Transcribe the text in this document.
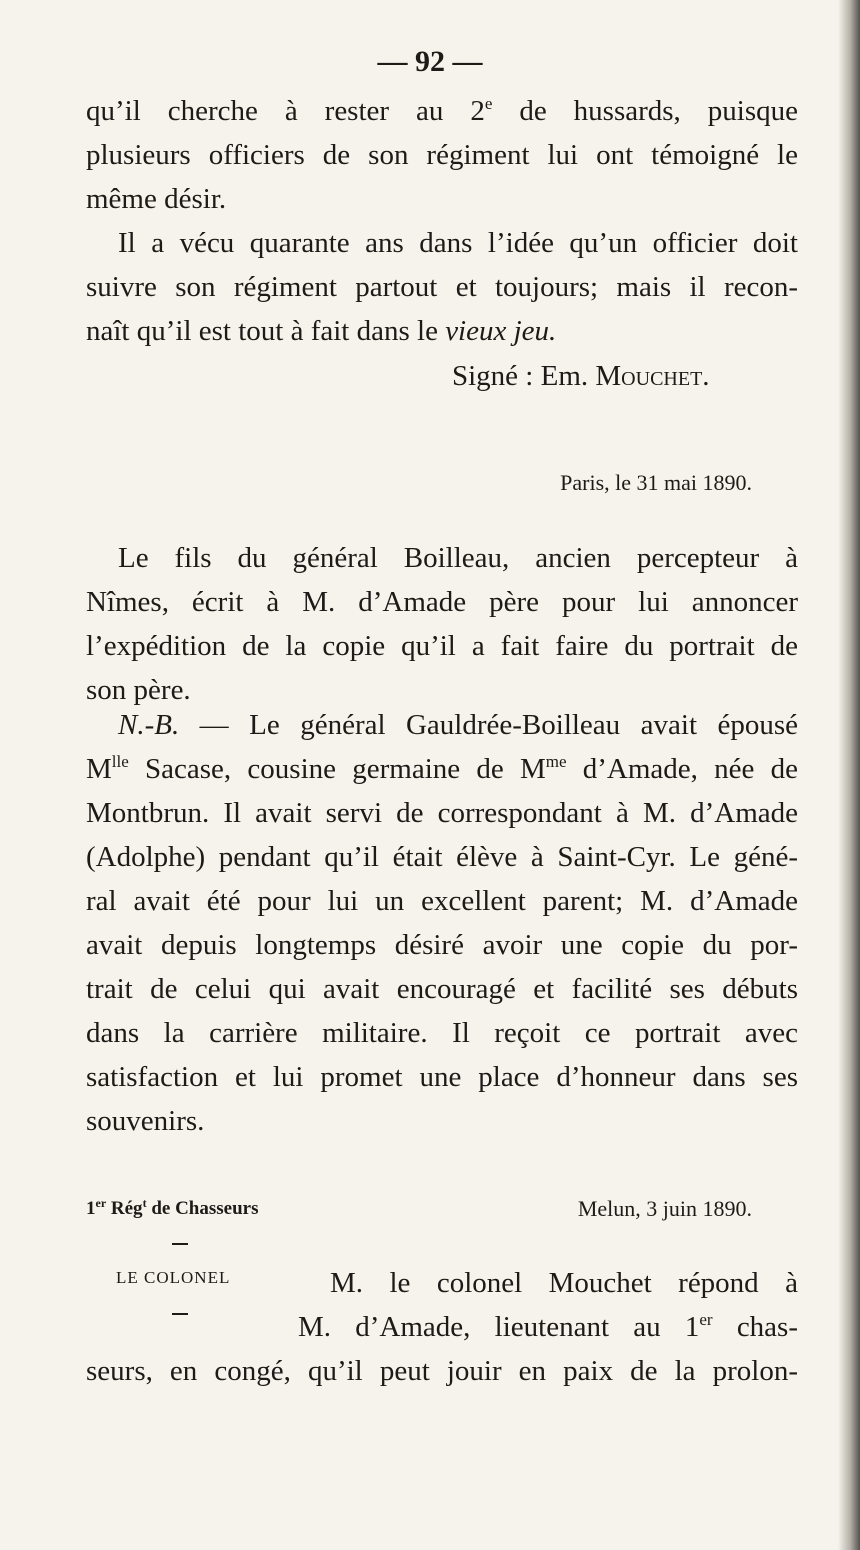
— 92 —
qu’il cherche à rester au 2e de hussards, puisque
plusieurs officiers de son régiment lui ont témoigné le
même désir.
Il a vécu quarante ans dans l’idée qu’un officier doit
suivre son régiment partout et toujours; mais il recon-
naît qu’il est tout à fait dans le vieux jeu.
Signé : Em. Mouchet.
Paris, le 31 mai 1890.
Le fils du général Boilleau, ancien percepteur à
Nîmes, écrit à M. d’Amade père pour lui annoncer
l’expédition de la copie qu’il a fait faire du portrait de
son père.
N.-B. — Le général Gauldrée-Boilleau avait épousé
$M^{lle}$ Sacase, cousine germaine de $M^{me}$ d’Amade, née de
Montbrun. Il avait servi de correspondant à M. d’Amade
(Adolphe) pendant qu’il était élève à Saint-Cyr. Le géné-
ral avait été pour lui un excellent parent; M. d’Amade
avait depuis longtemps désiré avoir une copie du por-
trait de celui qui avait encouragé et facilité ses débuts
dans la carrière militaire. Il reçoit ce portrait avec
satisfaction et lui promet une place d’honneur dans ses
souvenirs.
1er Rég$^t$ de Chasseurs	Melun, 3 juin 1890.
LE COLONEL	M. le colonel Mouchet répond à
M. d’Amade, lieutenant au 1er chas-
seurs, en congé, qu’il peut jouir en paix de la prolon-
